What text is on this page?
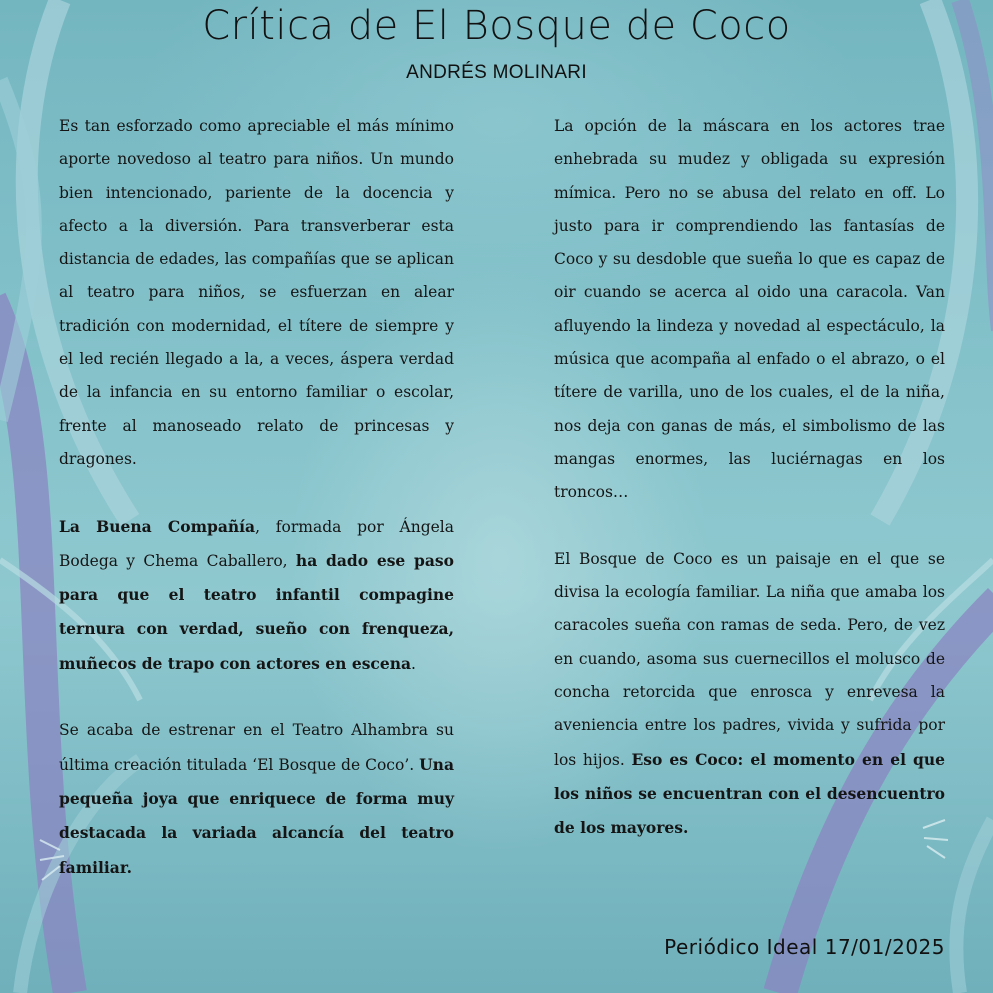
Crítica de El Bosque de Coco
ANDRÉS MOLINARI

Es tan esforzado como apreciable el más mínimo aporte novedoso al teatro para niños. Un mundo bien intencionado, pariente de la docencia y afecto a la diversión. Para transverberar esta distancia de edades, las compañías que se aplican al teatro para niños, se esfuerzan en alear tradición con modernidad, el títere de siempre y el led recién llegado a la, a veces, áspera verdad de la infancia en su entorno familiar o escolar, frente al manoseado relato de princesas y dragones.

La Buena Compañía, formada por Ángela Bodega y Chema Caballero, ha dado ese paso para que el teatro infantil compagine ternura con verdad, sueño con frenqueza, muñecos de trapo con actores en escena.

Se acaba de estrenar en el Teatro Alhambra su última creación titulada ‘El Bosque de Coco’. Una pequeña joya que enriquece de forma muy destacada la variada alcancía del teatro familiar.

La opción de la máscara en los actores trae enhebrada su mudez y obligada su expresión mímica. Pero no se abusa del relato en off. Lo justo para ir comprendiendo las fantasías de Coco y su desdoble que sueña lo que es capaz de oir cuando se acerca al oido una caracola. Van afluyendo la lindeza y novedad al espectáculo, la música que acompaña al enfado o el abrazo, o el títere de varilla, uno de los cuales, el de la niña, nos deja con ganas de más, el simbolismo de las mangas enormes, las luciérnagas en los troncos…

El Bosque de Coco es un paisaje en el que se divisa la ecología familiar. La niña que amaba los caracoles sueña con ramas de seda. Pero, de vez en cuando, asoma sus cuernecillos el molusco de concha retorcida que enrosca y enrevesa la aveniencia entre los padres, vivida y sufrida por los hijos. Eso es Coco: el momento en el que los niños se encuentran con el desencuentro de los mayores.

Periódico Ideal 17/01/2025
